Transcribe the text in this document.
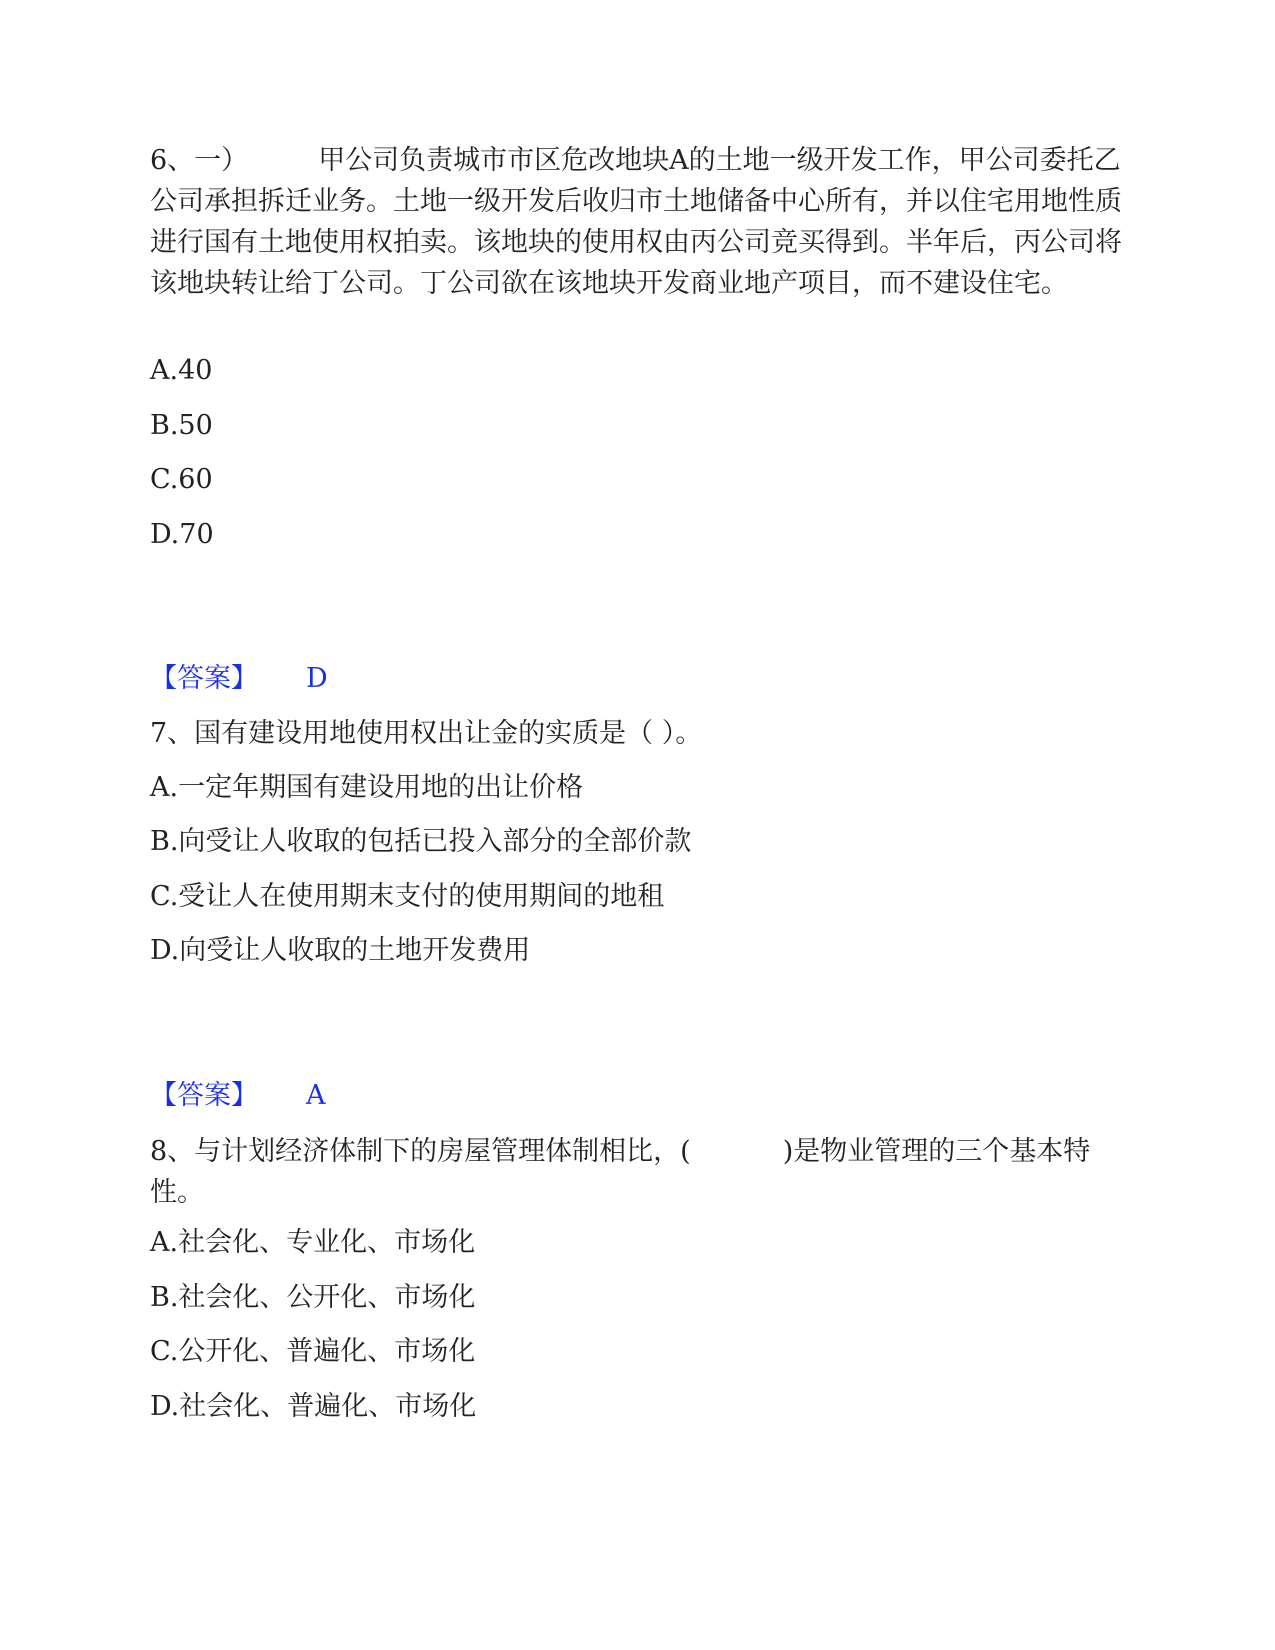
6、一）	甲公司负责城市市区危改地块A的土地一级开发工作，甲公司委托乙公司承担拆迁业务。土地一级开发后收归市土地储备中心所有，并以住宅用地性质进行国有土地使用权拍卖。该地块的使用权由丙公司竞买得到。半年后，丙公司将该地块转让给丁公司。丁公司欲在该地块开发商业地产项目，而不建设住宅。

A.40

B.50

C.60

D.70

【答案】 D

7、国有建设用地使用权出让金的实质是（ ）。

A.一定年期国有建设用地的出让价格

B.向受让人收取的包括已投入部分的全部价款

C.受让人在使用期末支付的使用期间的地租

D.向受让人收取的土地开发费用

【答案】 A

8、与计划经济体制下的房屋管理体制相比，(	)是物业管理的三个基本特性。

A.社会化、专业化、市场化

B.社会化、公开化、市场化

C.公开化、普遍化、市场化

D.社会化、普遍化、市场化
